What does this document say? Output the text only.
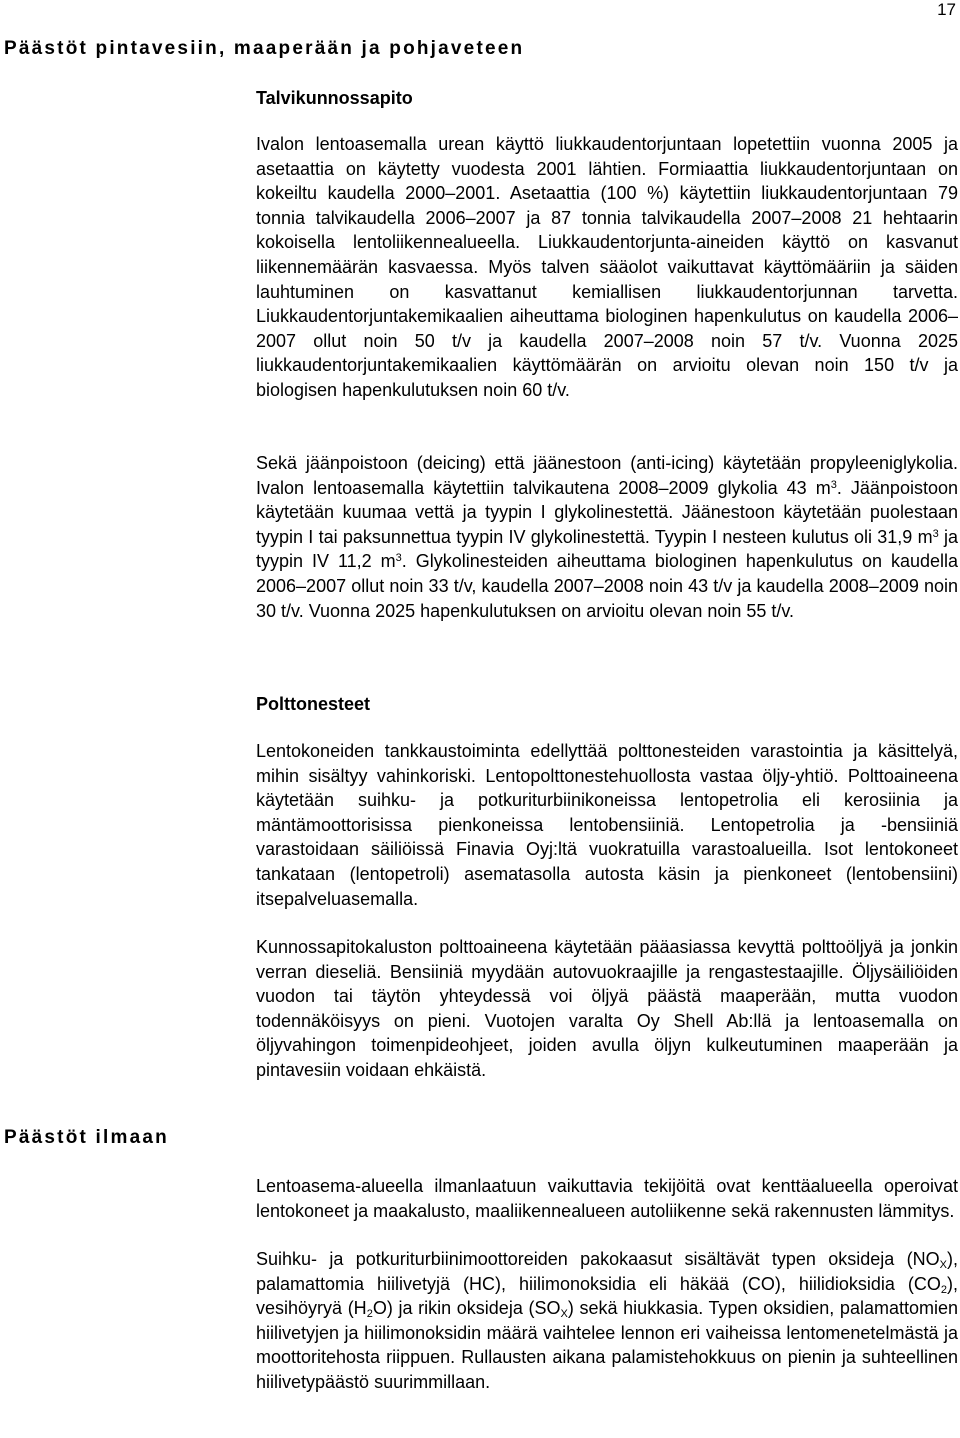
17
Päästöt pintavesiin, maaperään ja pohjaveteen
Talvikunnossapito

Ivalon lentoasemalla urean käyttö liukkaudentorjuntaan lopetettiin vuonna 2005 ja asetaattia on käytetty vuodesta 2001 lähtien. Formiaattia liukkaudentorjuntaan on kokeiltu kaudella 2000–2001. Asetaattia (100 %) käytettiin liukkaudentorjuntaan 79 tonnia talvikaudella 2006–2007 ja 87 tonnia talvikaudella 2007–2008 21 hehtaarin kokoisella lentoliikennealueella. Liukkaudentorjunta-aineiden käyttö on kasvanut liikennemäärän kasvaessa. Myös talven sääolot vaikuttavat käyttömääriin ja säiden lauhtuminen on kasvattanut kemiallisen liukkaudentorjunnan tarvetta. Liukkaudentorjuntakemikaalien aiheuttama biologinen hapenkulutus on kaudella 2006–2007 ollut noin 50 t/v ja kaudella 2007–2008 noin 57 t/v. Vuonna 2025 liukkaudentorjuntakemikaalien käyttömäärän on arvioitu olevan noin 150 t/v ja biologisen hapenkulutuksen noin 60 t/v.

Sekä jäänpoistoon (deicing) että jäänestoon (anti-icing) käytetään propyleeniglykolia. Ivalon lentoasemalla käytettiin talvikautena 2008–2009 glykolia 43 $m^3$. Jäänpoistoon käytetään kuumaa vettä ja tyypin I glykolinestettä. Jäänestoon käytetään puolestaan tyypin I tai paksunnettua tyypin IV glykolinestettä. Tyypin I nesteen kulutus oli 31,9 $m^3$ ja tyypin IV 11,2 $m^3$. Glykolinesteiden aiheuttama biologinen hapenkulutus on kaudella 2006–2007 ollut noin 33 t/v, kaudella 2007–2008 noin 43 t/v ja kaudella 2008–2009 noin 30 t/v. Vuonna 2025 hapenkulutuksen on arvioitu olevan noin 55 t/v.

Polttonesteet

Lentokoneiden tankkaustoiminta edellyttää polttonesteiden varastointia ja käsittelyä, mihin sisältyy vahinkoriski. Lentopolttonestehuollosta vastaa öljy-yhtiö. Polttoaineena käytetään suihku- ja potkuriturbiinikoneissa lentopetrolia eli kerosiinia ja mäntämoottorisissa pienkoneissa lentobensiiniä. Lentopetrolia ja -bensiiniä varastoidaan säiliöissä Finavia Oyj:ltä vuokratuilla varastoalueilla. Isot lentokoneet tankataan (lentopetroli) asematasolla autosta käsin ja pienkoneet (lentobensiini) itsepalveluasemalla.

Kunnossapitokaluston polttoaineena käytetään pääasiassa kevyttä polttoöljyä ja jonkin verran dieseliä. Bensiiniä myydään autovuokraajille ja rengastestaajille. Öljysäiliöiden vuodon tai täytön yhteydessä voi öljyä päästä maaperään, mutta vuodon todennäköisyys on pieni. Vuotojen varalta Oy Shell Ab:llä ja lentoasemalla on öljyvahingon toimenpideohjeet, joiden avulla öljyn kulkeutuminen maaperään ja pintavesiin voidaan ehkäistä.

Päästöt ilmaan

Lentoasema-alueella ilmanlaatuun vaikuttavia tekijöitä ovat kenttäalueella operoivat lentokoneet ja maakalusto, maaliikennealueen autoliikenne sekä rakennusten lämmitys.

Suihku- ja potkuriturbiinimoottoreiden pakokaasut sisältävät typen oksideja $(NO_X)$, palamattomia hiilivetyjä (HC), hiilimonoksidia eli häkää (CO), hiilidioksidia $(CO_2)$, vesihöyryä $(H_2O)$ ja rikin oksideja $(SO_X)$ sekä hiukkasia. Typen oksidien, palamattomien hiilivetyjen ja hiilimonoksidin määrä vaihtelee lennon eri vaiheissa lentomenetelmästä ja moottoritehosta riippuen. Rullausten aikana palamistehokkuus on pienin ja suhteellinen hiilivetypäästö suurimmillaan.
